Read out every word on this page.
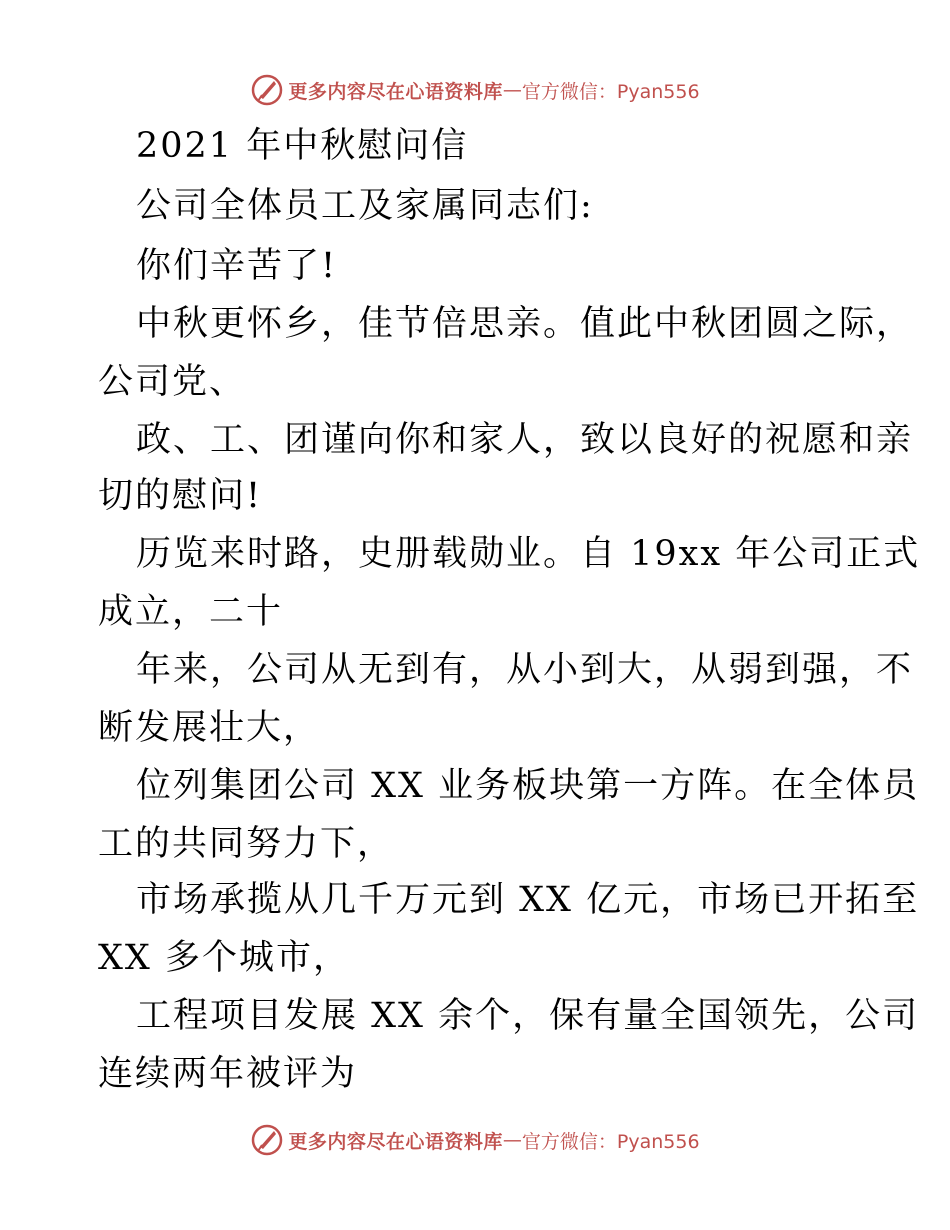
更多内容尽在心语资料库 — 官方微信：Pyan556
2021 年中秋慰问信
公司全体员工及家属同志们:
你们辛苦了!
中秋更怀乡，佳节倍思亲。值此中秋团圆之际，
公司党、
政、工、团谨向你和家人，致以良好的祝愿和亲
切的慰问!
历览来时路，史册载勋业。自 19xx 年公司正式
成立，二十
年来，公司从无到有，从小到大，从弱到强，不
断发展壮大，
位列集团公司 XX 业务板块第一方阵。在全体员
工的共同努力下，
市场承揽从几千万元到 XX 亿元，市场已开拓至
XX 多个城市，
工程项目发展 XX 余个，保有量全国领先，公司
连续两年被评为
更多内容尽在心语资料库 — 官方微信：Pyan556
